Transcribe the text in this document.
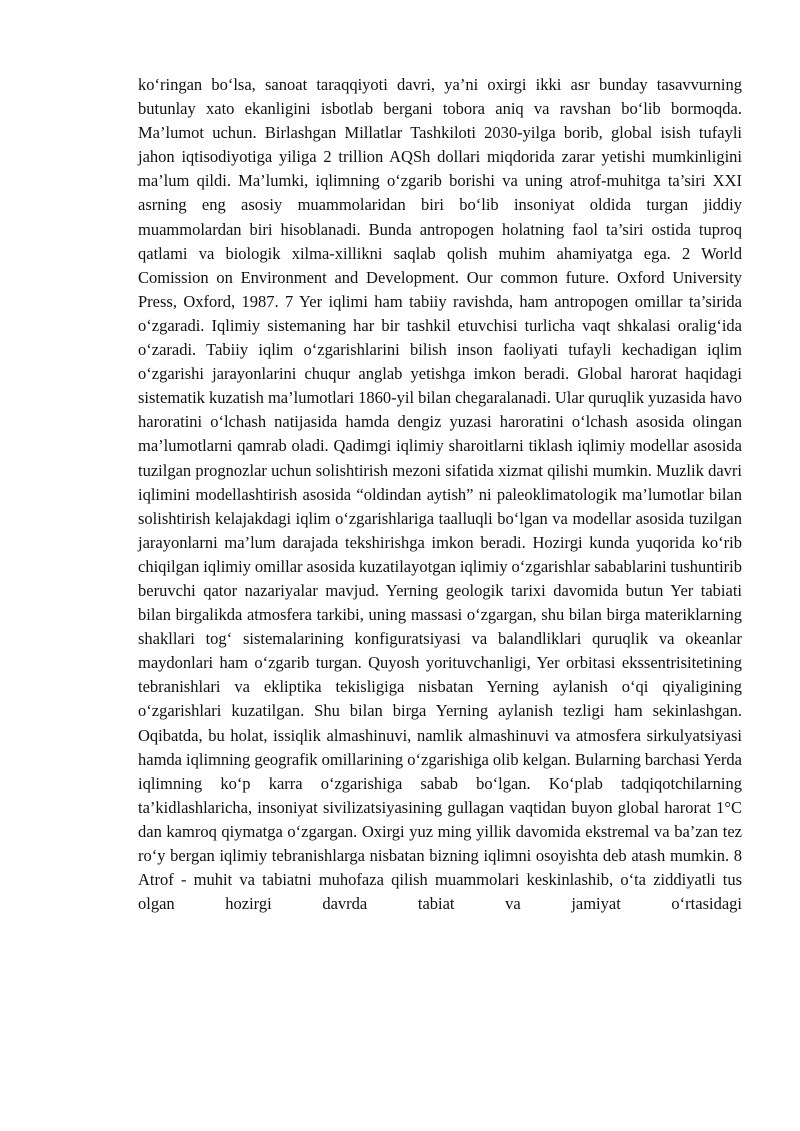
ko‘ringan bo‘lsa, sanoat taraqqiyoti davri, ya’ni oxirgi ikki asr bunday tasavvurning butunlay xato ekanligini isbotlab bergani tobora aniq va ravshan bo‘lib bormoqda. Ma’lumot uchun. Birlashgan Millatlar Tashkiloti 2030-yilga borib, global isish tufayli jahon iqtisodiyotiga yiliga 2 trillion AQSh dollari miqdorida zarar yetishi mumkinligini ma’lum qildi. Ma’lumki, iqlimning o‘zgarib borishi va uning atrof-muhitga ta’siri XXI asrning eng asosiy muammolaridan biri bo‘lib insoniyat oldida turgan jiddiy muammolardan biri hisoblanadi. Bunda antropogen holatning faol ta’siri ostida tuproq qatlami va biologik xilma-xillikni saqlab qolish muhim ahamiyatga ega. 2 World Comission on Environment and Development. Our common future. Oxford University Press, Oxford, 1987. 7 Yer iqlimi ham tabiiy ravishda, ham antropogen omillar ta’sirida o‘zgaradi. Iqlimiy sistemaning har bir tashkil etuvchisi turlicha vaqt shkalasi oralig‘ida o‘zaradi. Tabiiy iqlim o‘zgarishlarini bilish inson faoliyati tufayli kechadigan iqlim o‘zgarishi jarayonlarini chuqur anglab yetishga imkon beradi. Global harorat haqidagi sistematik kuzatish ma’lumotlari 1860-yil bilan chegaralanadi. Ular quruqlik yuzasida havo haroratini o‘lchash natijasida hamda dengiz yuzasi haroratini o‘lchash asosida olingan ma’lumotlarni qamrab oladi. Qadimgi iqlimiy sharoitlarni tiklash iqlimiy modellar asosida tuzilgan prognozlar uchun solishtirish mezoni sifatida xizmat qilishi mumkin. Muzlik davri iqlimini modellashtirish asosida “oldindan aytish” ni paleoklimatologik ma’lumotlar bilan solishtirish kelajakdagi iqlim o‘zgarishlariga taalluqli bo‘lgan va modellar asosida tuzilgan jarayonlarni ma’lum darajada tekshirishga imkon beradi. Hozirgi kunda yuqorida ko‘rib chiqilgan iqlimiy omillar asosida kuzatilayotgan iqlimiy o‘zgarishlar sabablarini tushuntirib beruvchi qator nazariyalar mavjud. Yerning geologik tarixi davomida butun Yer tabiati bilan birgalikda atmosfera tarkibi, uning massasi o‘zgargan, shu bilan birga materiklarning shakllari tog‘ sistemalarining konfiguratsiyasi va balandliklari quruqlik va okeanlar maydonlari ham o‘zgarib turgan. Quyosh yorituvchanligi, Yer orbitasi ekssentrisitetining tebranishlari va ekliptika tekisligiga nisbatan Yerning aylanish o‘qi qiyaligining o‘zgarishlari kuzatilgan. Shu bilan birga Yerning aylanish tezligi ham sekinlashgan. Oqibatda, bu holat, issiqlik almashinuvi, namlik almashinuvi va atmosfera sirkulyatsiyasi hamda iqlimning geografik omillarining o‘zgarishiga olib kelgan. Bularning barchasi Yerda iqlimning ko‘p karra o‘zgarishiga sabab bo‘lgan. Ko‘plab tadqiqotchilarning ta’kidlashlaricha, insoniyat sivilizatsiyasining gullagan vaqtidan buyon global harorat 1°C dan kamroq qiymatga o‘zgargan. Oxirgi yuz ming yillik davomida ekstremal va ba’zan tez ro‘y bergan iqlimiy tebranishlarga nisbatan bizning iqlimni osoyishta deb atash mumkin. 8 Atrof - muhit va tabiatni muhofaza qilish muammolari keskinlashib, o‘ta ziddiyatli tus olgan hozirgi davrda tabiat va jamiyat o‘rtasidagi
